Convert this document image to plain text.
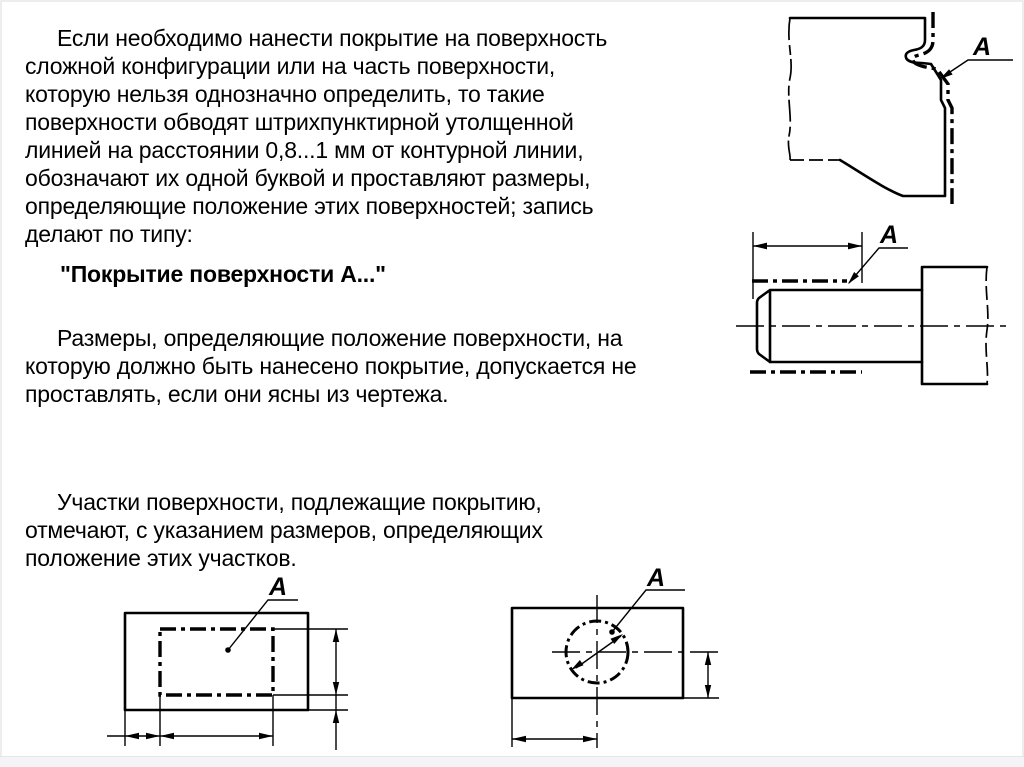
Если необходимо нанести покрытие на поверхность
сложной конфигурации или на часть поверхности,
которую нельзя однозначно определить, то такие
поверхности обводят штрихпунктирной утолщенной
линией на расстоянии 0,8...1 мм от контурной линии,
обозначают их одной буквой и проставляют размеры,
определяющие положение этих поверхностей; запись
делают по типу:
"Покрытие поверхности А..."
Размеры, определяющие положение поверхности, на
которую должно быть нанесено покрытие, допускается не
проставлять, если они ясны из чертежа.
Участки поверхности, подлежащие покрытию,
отмечают, с указанием размеров, определяющих
положение этих участков.
А
А
А	А
